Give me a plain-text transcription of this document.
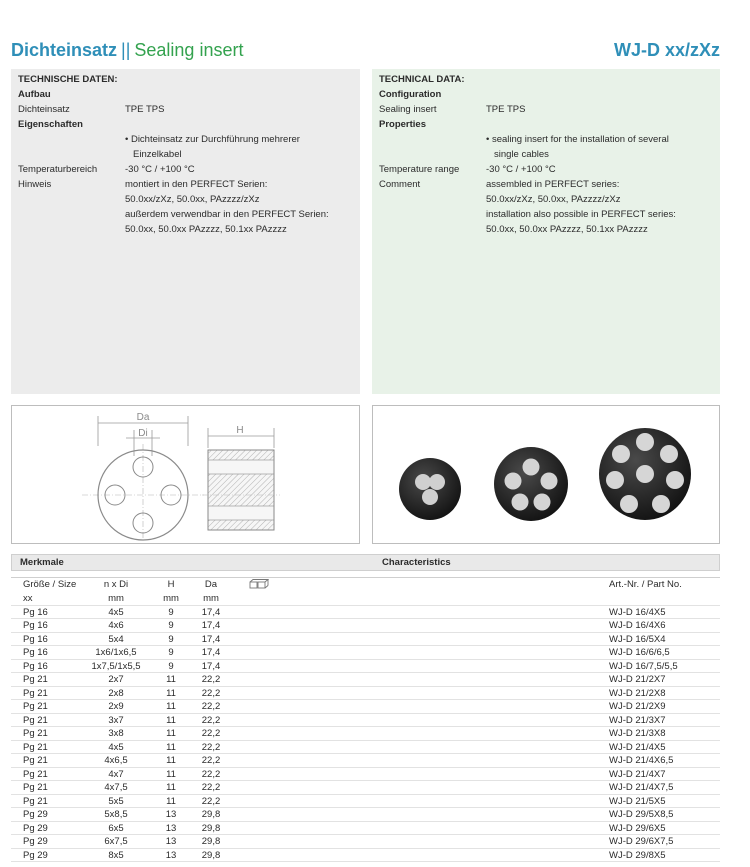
Dichteinsatz || Sealing insert	WJ-D xx/zXz
TECHNISCHE DATEN:
Aufbau
Dichteinsatz	TPE TPS
Eigenschaften
• Dichteinsatz zur Durchführung mehrerer
Einzelkabel
Temperaturbereich	-30 °C / +100 °C
Hinweis	montiert in den PERFECT Serien:
50.0xx/zXz, 50.0xx, PAzzzz/zXz
außerdem verwendbar in den PERFECT Serien:
50.0xx, 50.0xx PAzzzz, 50.1xx PAzzzz
TECHNICAL DATA:
Configuration
Sealing insert	TPE TPS
Properties
• sealing insert for the installation of several
single cables
Temperature range	-30 °C / +100 °C
Comment	assembled in PERFECT series:
50.0xx/zXz, 50.0xx, PAzzzz/zXz
installation also possible in PERFECT series:
50.0xx, 50.0xx PAzzzz, 50.1xx PAzzzz
Da
Di	H
Merkmale	Characteristics
Größe / Size	n x Di	H	Da	Art.-Nr. / Part No.
xx	mm	mm	mm
Pg 16	4x5	9	17,4	WJ-D 16/4X5
Pg 16	4x6	9	17,4	WJ-D 16/4X6
Pg 16	5x4	9	17,4	WJ-D 16/5X4
Pg 16	1x6/1x6,5	9	17,4	WJ-D 16/6/6,5
Pg 16	1x7,5/1x5,5	9	17,4	WJ-D 16/7,5/5,5
Pg 21	2x7	11	22,2	WJ-D 21/2X7
Pg 21	2x8	11	22,2	WJ-D 21/2X8
Pg 21	2x9	11	22,2	WJ-D 21/2X9
Pg 21	3x7	11	22,2	WJ-D 21/3X7
Pg 21	3x8	11	22,2	WJ-D 21/3X8
Pg 21	4x5	11	22,2	WJ-D 21/4X5
Pg 21	4x6,5	11	22,2	WJ-D 21/4X6,5
Pg 21	4x7	11	22,2	WJ-D 21/4X7
Pg 21	4x7,5	11	22,2	WJ-D 21/4X7,5
Pg 21	5x5	11	22,2	WJ-D 21/5X5
Pg 29	5x8,5	13	29,8	WJ-D 29/5X8,5
Pg 29	6x5	13	29,8	WJ-D 29/6X5
Pg 29	6x7,5	13	29,8	WJ-D 29/6X7,5
Pg 29	8x5	13	29,8	WJ-D 29/8X5
